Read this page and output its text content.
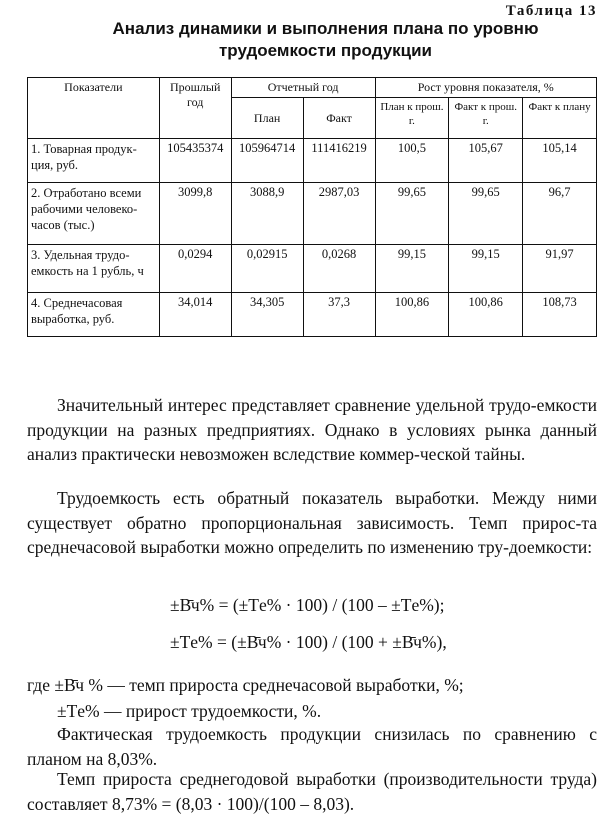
Таблица 13
Анализ динамики и выполнения плана по уровню трудоемкости продукции
Показатели	Прошлый год	Отчетный год		Рост уровня показателя, %		
		План	Факт	План к прош. г.	Факт к прош. г.	Факт к плану
1. Товарная продук-ция, руб.	105435374	105964714	111416219	100,5	105,67	105,14
2. Отработано всеми рабочими человеко-часов (тыс.)	3099,8	3088,9	2987,03	99,65	99,65	96,7
3. Удельная трудо-емкость на 1 рубль, ч	0,0294	0,02915	0,0268	99,15	99,15	91,97
4. Среднечасовая выработка, руб.	34,014	34,305	37,3	100,86	100,86	108,73
Значительный интерес представляет сравнение удельной трудо-емкости продукции на разных предприятиях. Однако в условиях рынка данный анализ практически невозможен вследствие коммер-ческой тайны.
Трудоемкость есть обратный показатель выработки. Между ними существует обратно пропорциональная зависимость. Темп прирос-та среднечасовой выработки можно определить по изменению тру-доемкости:
±В̄ч% = (±Тe% · 100) / (100 – ±Тe%);
±Тe% = (±В̄ч% · 100) / (100 + ±В̄ч%),
где ±В̄ч % — темп прироста среднечасовой выработки, %;
±Тe% — прирост трудоемкости, %.
Фактическая трудоемкость продукции снизилась по сравнению с планом на 8,03%.
Темп прироста среднегодовой выработки (производительности труда) составляет 8,73% = (8,03 · 100)/(100 – 8,03).
